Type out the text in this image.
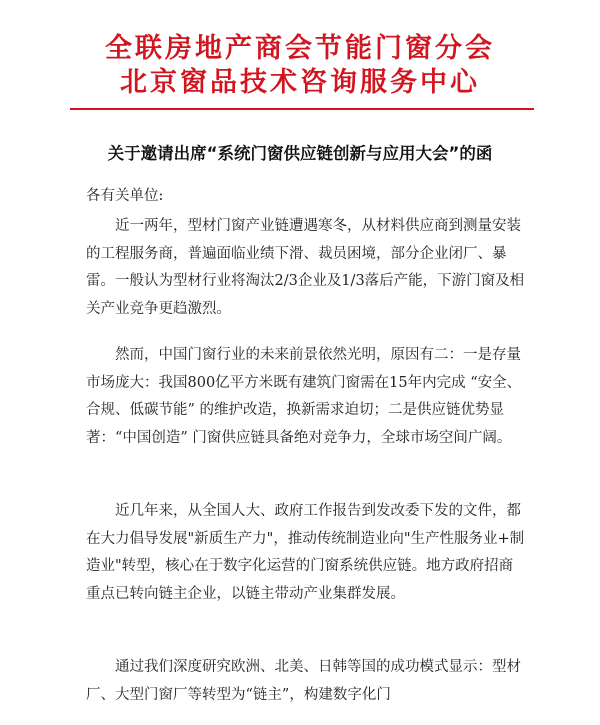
全联房地产商会节能门窗分会
北京窗品技术咨询服务中心
关于邀请出席“系统门窗供应链创新与应用大会”的函
各有关单位:
近一两年，型材门窗产业链遭遇寒冬，从材料供应商到测量安装的工程服务商，普遍面临业绩下滑、裁员困境，部分企业闭厂、暴雷。一般认为型材行业将淘汰2/3企业及1/3落后产能，下游门窗及相关产业竞争更趋激烈。
然而，中国门窗行业的未来前景依然光明，原因有二：一是存量市场庞大：我国800亿平方米既有建筑门窗需在15年内完成 “安全、合规、低碳节能” 的维护改造，换新需求迫切；二是供应链优势显著：“中国创造” 门窗供应链具备绝对竞争力，全球市场空间广阔。
近几年来，从全国人大、政府工作报告到发改委下发的文件，都在大力倡导发展"新质生产力"，推动传统制造业向"生产性服务业+制造业"转型，核心在于数字化运营的门窗系统供应链。地方政府招商重点已转向链主企业，以链主带动产业集群发展。
通过我们深度研究欧洲、北美、日韩等国的成功模式显示：型材厂、大型门窗厂等转型为“链主”，构建数字化门
